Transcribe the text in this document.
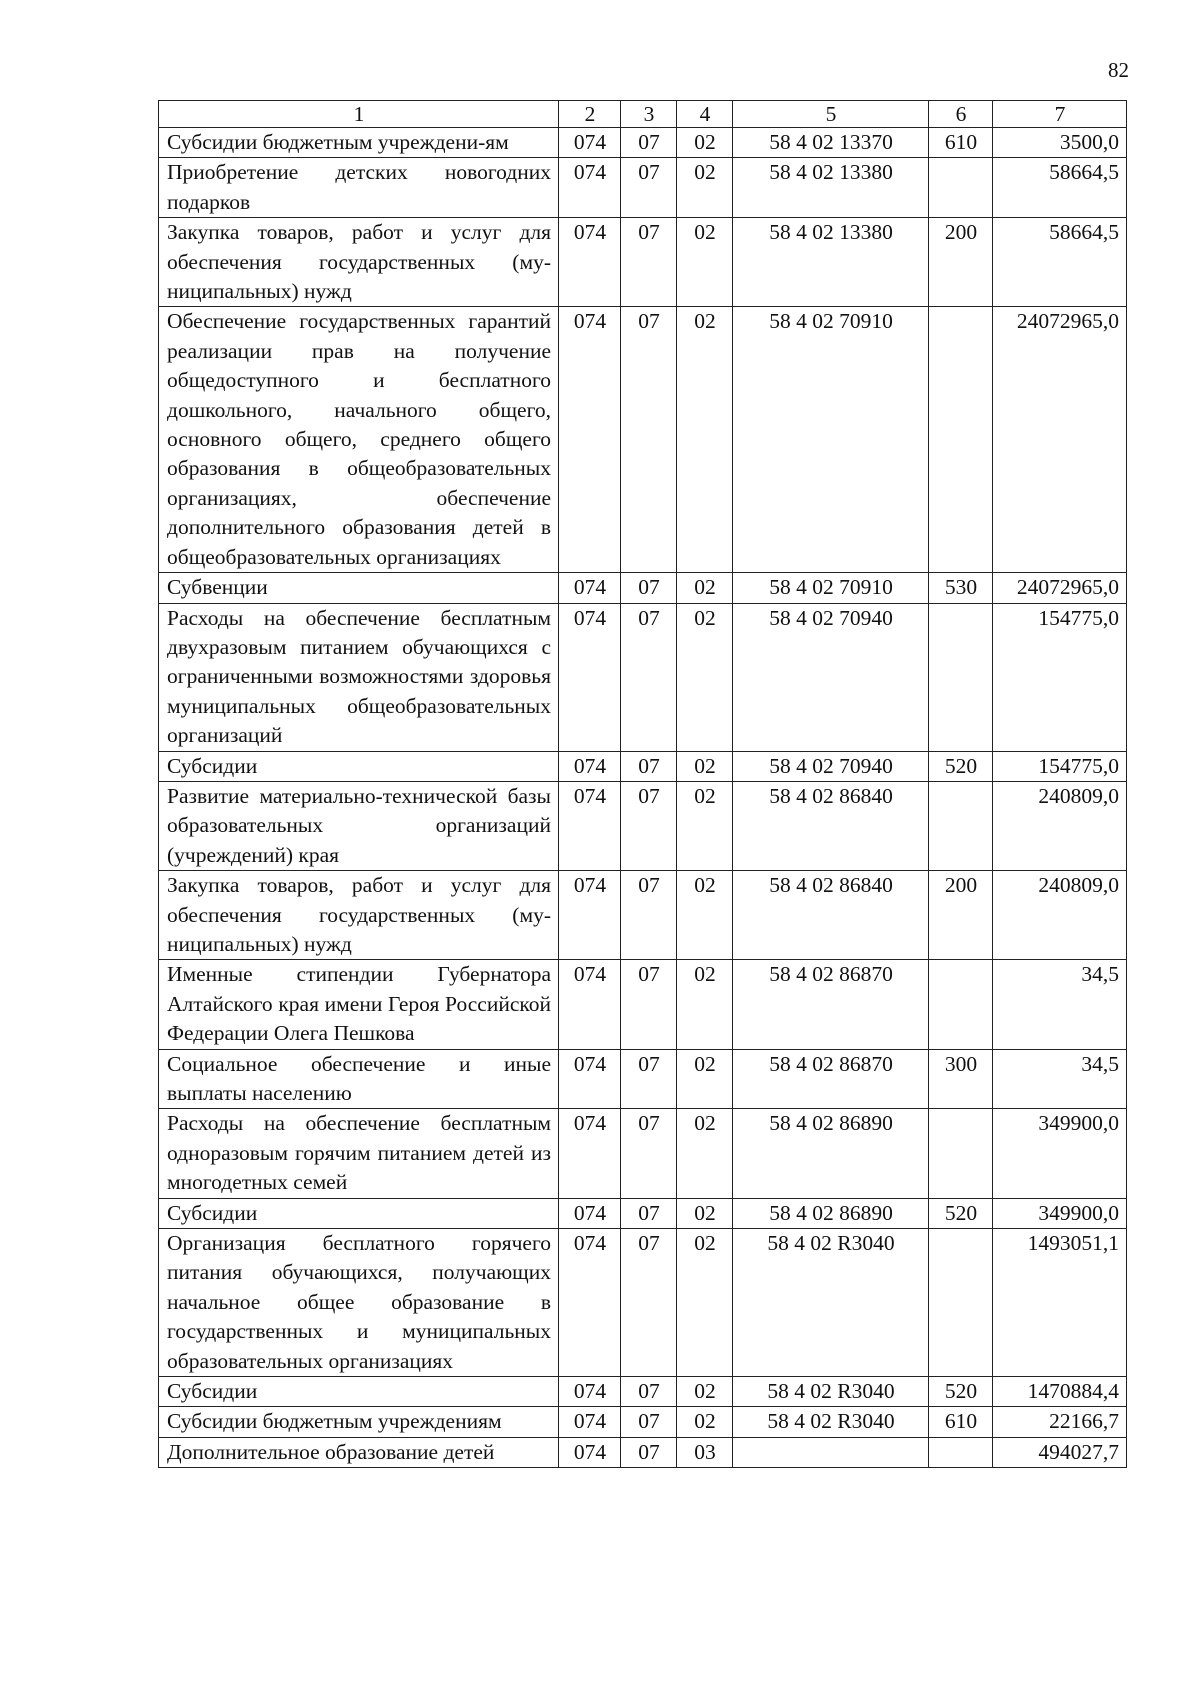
82
1	2	3	4	5	6	7
Субсидии бюджетным учреждени-ям	074	07	02	58 4 02 13370	610	3500,0
Приобретение детских новогодних подарков	074	07	02	58 4 02 13380		58664,5
Закупка товаров, работ и услуг для обеспечения государственных (муниципальных) нужд	074	07	02	58 4 02 13380	200	58664,5
Обеспечение государственных гарантий реализации прав на получение общедоступного и бесплатного дошкольного, начального общего, основного общего, среднего общего образования в общеобразовательных организациях, обеспечение дополнительного образования детей в общеобразовательных организациях	074	07	02	58 4 02 70910		24072965,0
Субвенции	074	07	02	58 4 02 70910	530	24072965,0
Расходы на обеспечение бесплатным двухразовым питанием обучающихся с ограниченными возможностями здоровья муниципальных общеобразовательных организаций	074	07	02	58 4 02 70940		154775,0
Субсидии	074	07	02	58 4 02 70940	520	154775,0
Развитие материально-технической базы образовательных организаций (учреждений) края	074	07	02	58 4 02 86840		240809,0
Закупка товаров, работ и услуг для обеспечения государственных (муниципальных) нужд	074	07	02	58 4 02 86840	200	240809,0
Именные стипендии Губернатора Алтайского края имени Героя Российской Федерации Олега Пешкова	074	07	02	58 4 02 86870		34,5
Социальное обеспечение и иные выплаты населению	074	07	02	58 4 02 86870	300	34,5
Расходы на обеспечение бесплатным одноразовым горячим питанием детей из многодетных семей	074	07	02	58 4 02 86890		349900,0
Субсидии	074	07	02	58 4 02 86890	520	349900,0
Организация бесплатного горячего питания обучающихся, получающих начальное общее образование в государственных и муниципальных образовательных организациях	074	07	02	58 4 02 R3040		1493051,1
Субсидии	074	07	02	58 4 02 R3040	520	1470884,4
Субсидии бюджетным учреждениям	074	07	02	58 4 02 R3040	610	22166,7
Дополнительное образование детей	074	07	03			494027,7
